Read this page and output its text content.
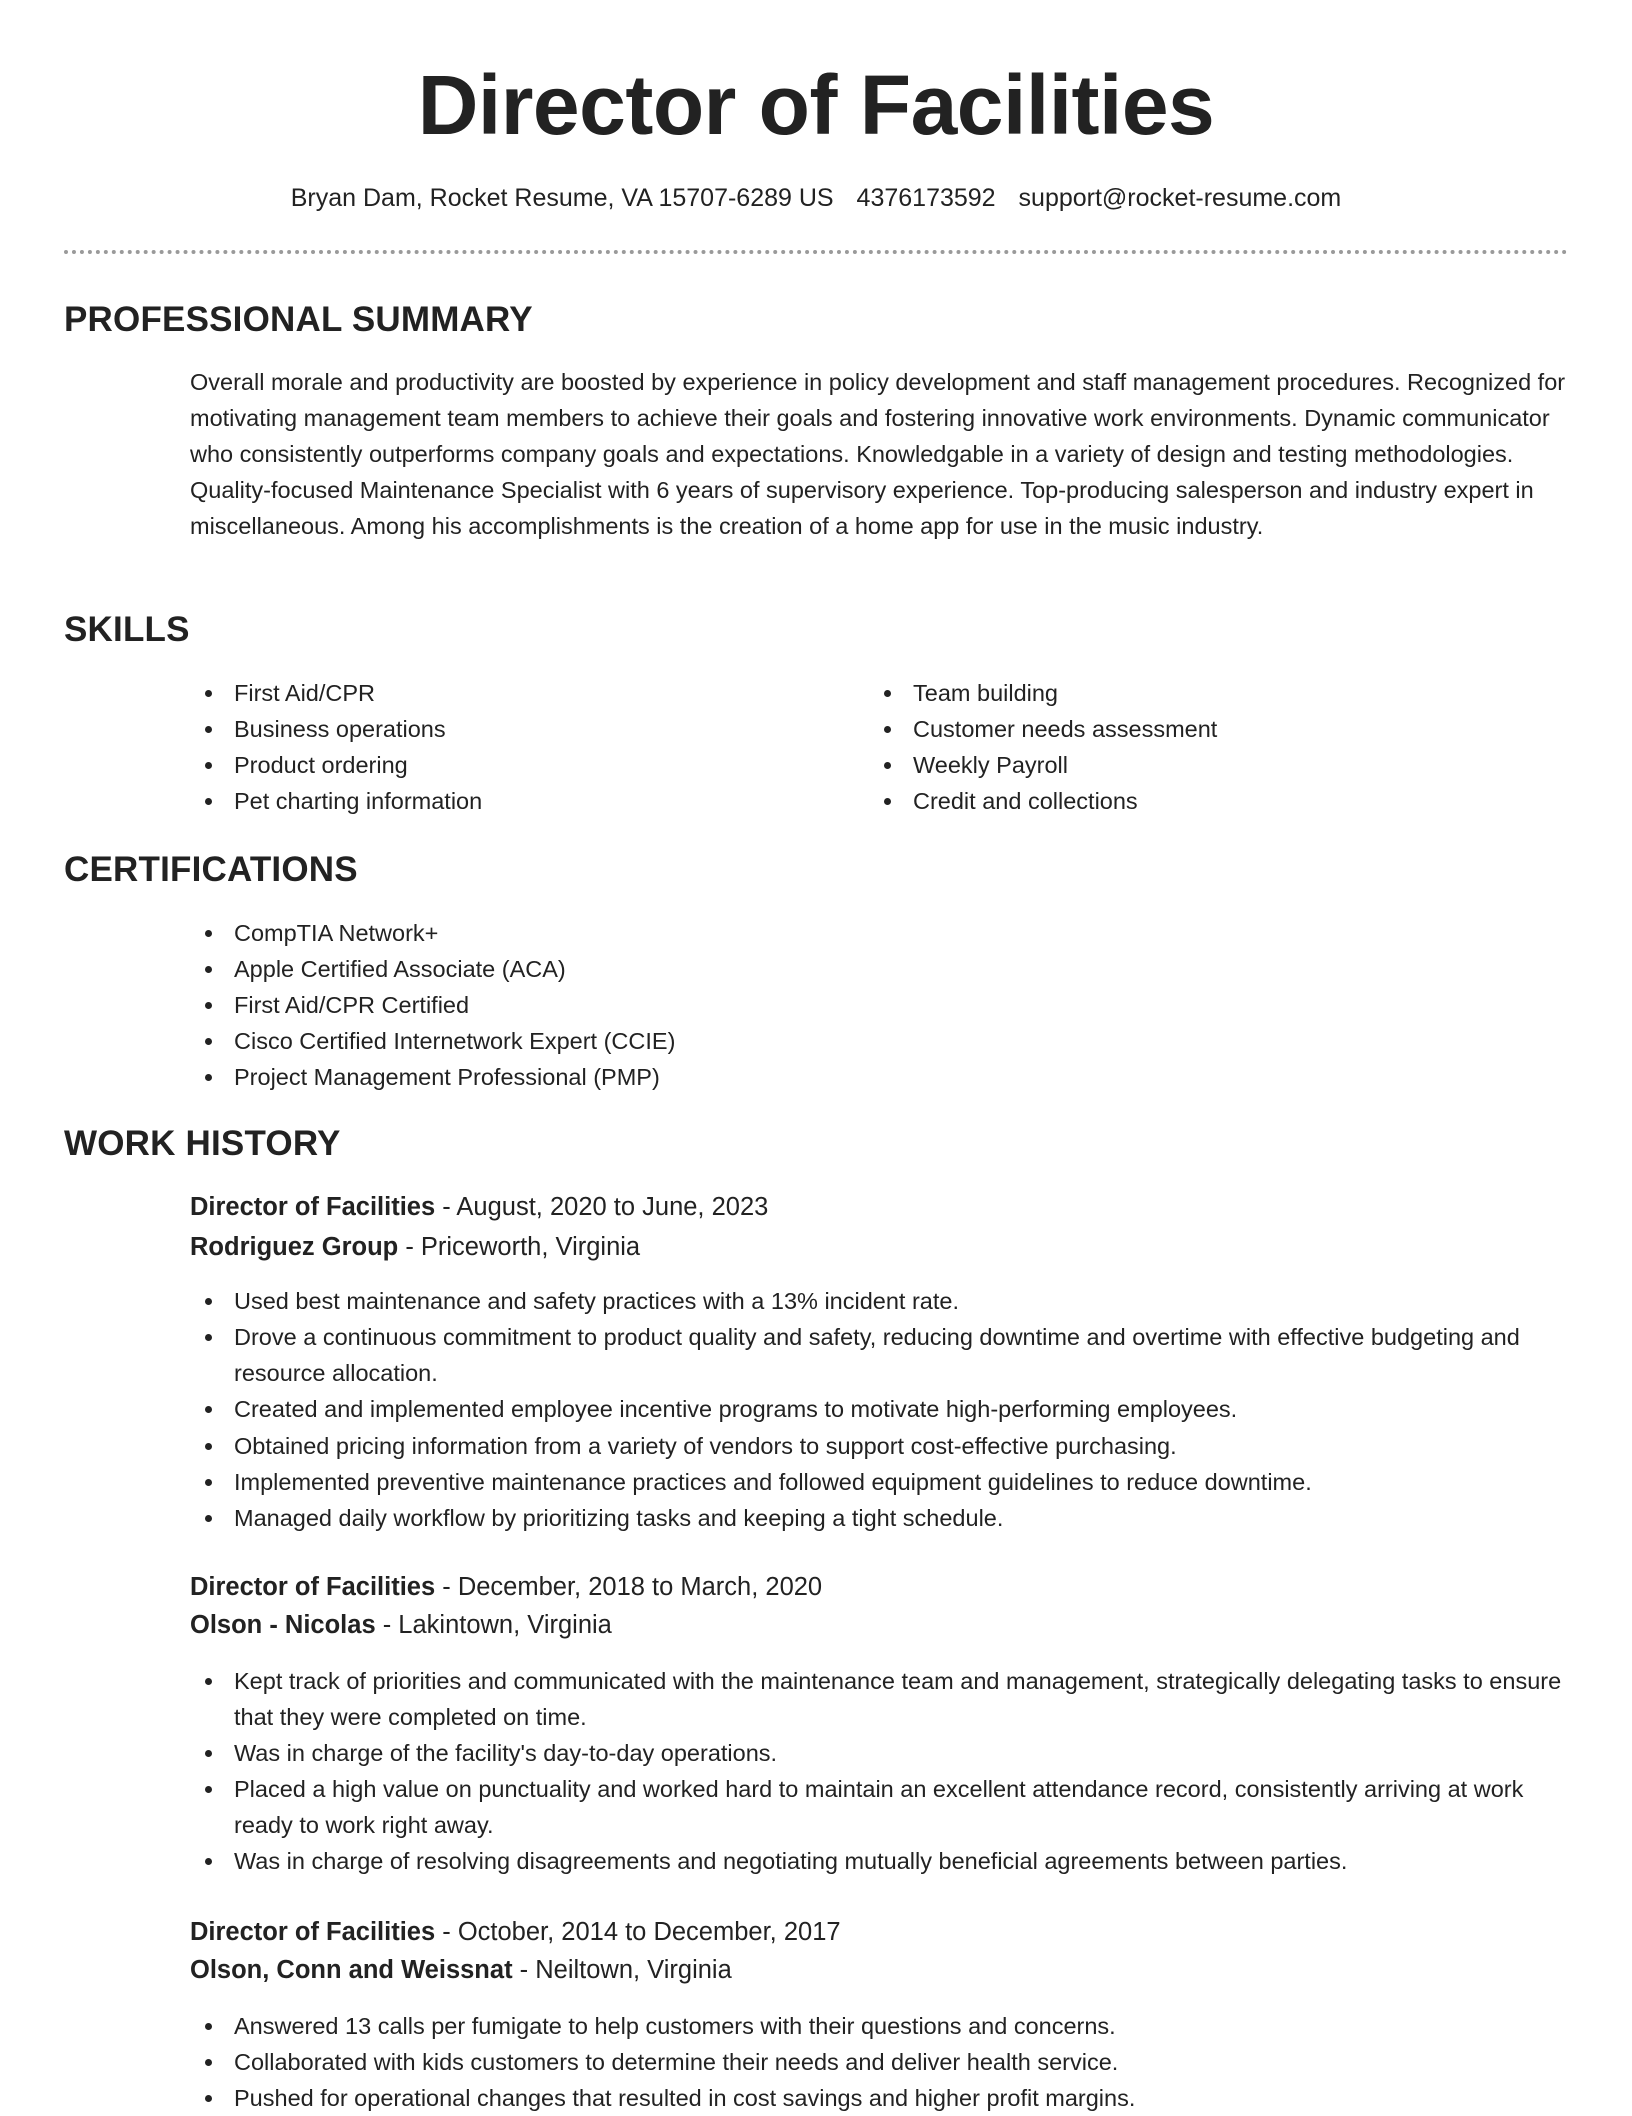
Director of Facilities
Bryan Dam, Rocket Resume, VA 15707-6289 US 4376173592 support@rocket-resume.com
PROFESSIONAL SUMMARY
Overall morale and productivity are boosted by experience in policy development and staff management procedures. Recognized for motivating management team members to achieve their goals and fostering innovative work environments. Dynamic communicator who consistently outperforms company goals and expectations. Knowledgable in a variety of design and testing methodologies. Quality-focused Maintenance Specialist with 6 years of supervisory experience. Top-producing salesperson and industry expert in miscellaneous. Among his accomplishments is the creation of a home app for use in the music industry.
SKILLS
First Aid/CPR
Business operations
Product ordering
Pet charting information
Team building
Customer needs assessment
Weekly Payroll
Credit and collections
CERTIFICATIONS
CompTIA Network+
Apple Certified Associate (ACA)
First Aid/CPR Certified
Cisco Certified Internetwork Expert (CCIE)
Project Management Professional (PMP)
WORK HISTORY
Director of Facilities - August, 2020 to June, 2023
Rodriguez Group - Priceworth, Virginia
Used best maintenance and safety practices with a 13% incident rate.
Drove a continuous commitment to product quality and safety, reducing downtime and overtime with effective budgeting and resource allocation.
Created and implemented employee incentive programs to motivate high-performing employees.
Obtained pricing information from a variety of vendors to support cost-effective purchasing.
Implemented preventive maintenance practices and followed equipment guidelines to reduce downtime.
Managed daily workflow by prioritizing tasks and keeping a tight schedule.
Director of Facilities - December, 2018 to March, 2020
Olson - Nicolas - Lakintown, Virginia
Kept track of priorities and communicated with the maintenance team and management, strategically delegating tasks to ensure that they were completed on time.
Was in charge of the facility's day-to-day operations.
Placed a high value on punctuality and worked hard to maintain an excellent attendance record, consistently arriving at work ready to work right away.
Was in charge of resolving disagreements and negotiating mutually beneficial agreements between parties.
Director of Facilities - October, 2014 to December, 2017
Olson, Conn and Weissnat - Neiltown, Virginia
Answered 13 calls per fumigate to help customers with their questions and concerns.
Collaborated with kids customers to determine their needs and deliver health service.
Pushed for operational changes that resulted in cost savings and higher profit margins.
